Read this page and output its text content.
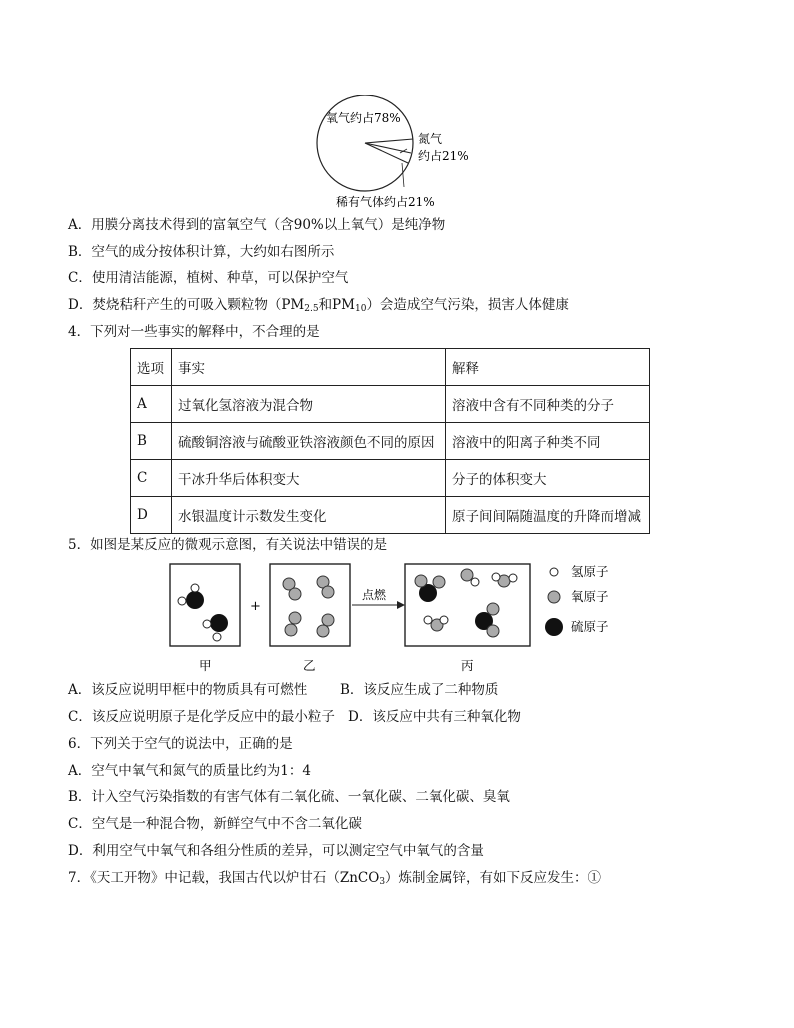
氧气约占78%
氮气
约占21%
稀有气体约占21%
A．用膜分离技术得到的富氧空气（含90%以上氧气）是纯净物
B．空气的成分按体积计算，大约如右图所示
C．使用清洁能源，植树、种草，可以保护空气
D．焚烧秸秆产生的可吸入颗粒物（$PM_{2.5}$和$PM_{10}$）会造成空气污染，损害人体健康
4．下列对一些事实的解释中，不合理的是
选项	事实	解释
A	过氧化氢溶液为混合物	溶液中含有不同种类的分子
B	硫酸铜溶液与硫酸亚铁溶液颜色不同的原因	溶液中的阳离子种类不同
C	干冰升华后体积变大	分子的体积变大
D	水银温度计示数发生变化	原子间间隔随温度的升降而增减
5．如图是某反应的微观示意图，有关说法中错误的是
+
点燃
氢原子
氧原子
硫原子
甲	乙	丙
A．该反应说明甲框中的物质具有可燃性 B．该反应生成了二种物质
C．该反应说明原子是化学反应中的最小粒子 D．该反应中共有三种氧化物
6．下列关于空气的说法中，正确的是
A．空气中氧气和氮气的质量比约为1：4
B．计入空气污染指数的有害气体有二氧化硫、一氧化碳、二氧化碳、臭氧
C．空气是一种混合物，新鲜空气中不含二氧化碳
D．利用空气中氧气和各组分性质的差异，可以测定空气中氧气的含量
7．《天工开物》中记载，我国古代以炉甘石（ZnCO$_3$）炼制金属锌，有如下反应发生：①
